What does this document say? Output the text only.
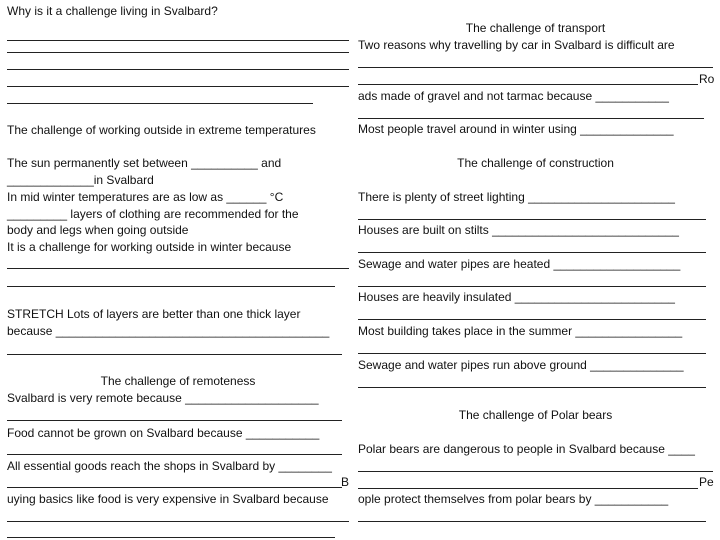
Why is it a challenge living in Svalbard?
The challenge of working outside in extreme temperatures
The sun permanently set between __________ and
_____________in Svalbard
In mid winter temperatures are as low as ______ °C
_________ layers of clothing are recommended for the
body and legs when going outside
It is a challenge for working outside in winter because
STRETCH Lots of layers are better than one thick layer
because _________________________________________
The challenge of remoteness
Svalbard is very remote because ____________________
Food cannot be grown on Svalbard because ___________
All essential goods reach the shops in Svalbard by ________
B
uying basics like food is very expensive in Svalbard because
The challenge of transport
Two reasons why travelling by car in Svalbard is difficult are
Ro
ads made of gravel and not tarmac because ___________
Most people travel around in winter using ______________
The challenge of construction
There is plenty of street lighting ______________________
Houses are built on stilts ____________________________
Sewage and water pipes are heated ___________________
Houses are heavily insulated ________________________
Most building takes place in the summer ________________
Sewage and water pipes run above ground ______________
The challenge of Polar bears
Polar bears are dangerous to people in Svalbard because ____
Pe
ople protect themselves from polar bears by ___________
